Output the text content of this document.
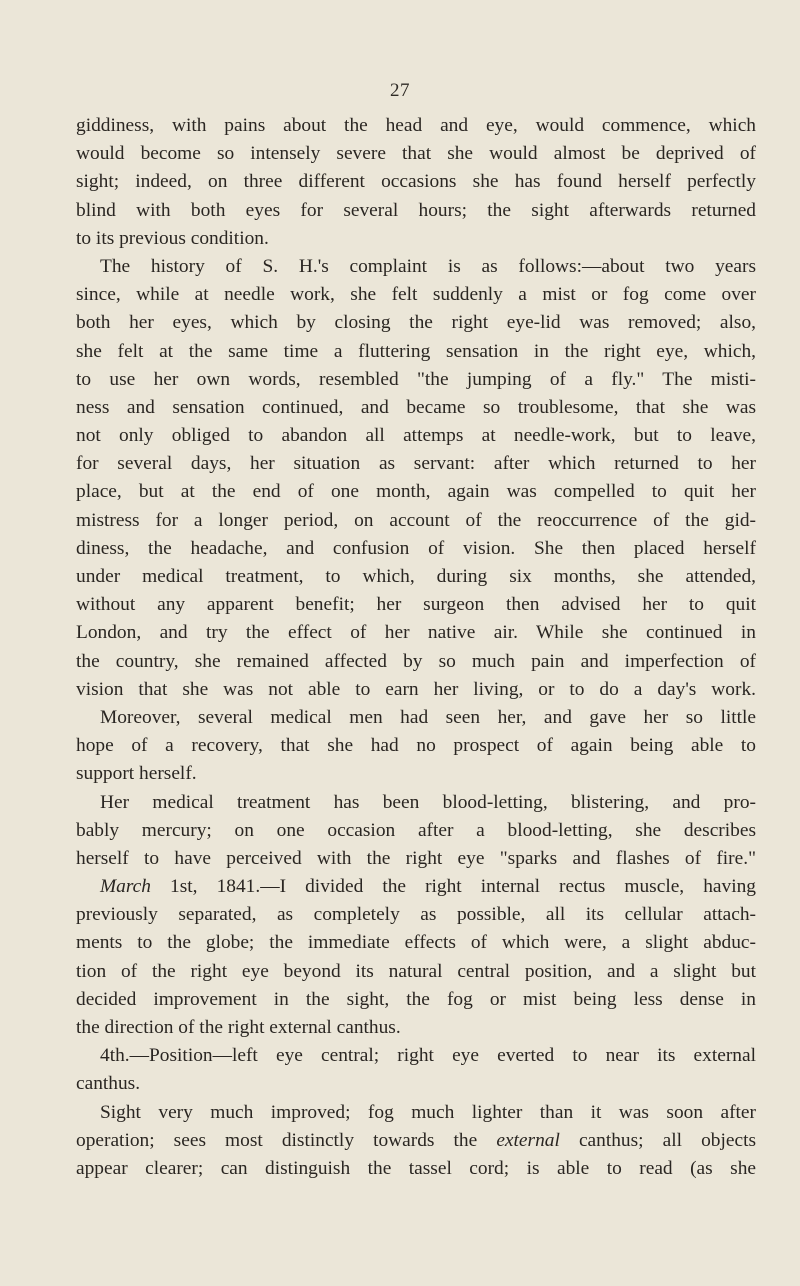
27
giddiness, with pains about the head and eye, would commence, which
would become so intensely severe that she would almost be deprived of
sight; indeed, on three different occasions she has found herself perfectly
blind with both eyes for several hours; the sight afterwards returned
to its previous condition.
The history of S. H.'s complaint is as follows:—about two years
since, while at needle work, she felt suddenly a mist or fog come over
both her eyes, which by closing the right eye-lid was removed; also,
she felt at the same time a fluttering sensation in the right eye, which,
to use her own words, resembled "the jumping of a fly." The misti-
ness and sensation continued, and became so troublesome, that she was
not only obliged to abandon all attemps at needle-work, but to leave,
for several days, her situation as servant: after which returned to her
place, but at the end of one month, again was compelled to quit her
mistress for a longer period, on account of the reoccurrence of the gid-
diness, the headache, and confusion of vision. She then placed herself
under medical treatment, to which, during six months, she attended,
without any apparent benefit; her surgeon then advised her to quit
London, and try the effect of her native air. While she continued in
the country, she remained affected by so much pain and imperfection of
vision that she was not able to earn her living, or to do a day's work.
Moreover, several medical men had seen her, and gave her so little
hope of a recovery, that she had no prospect of again being able to
support herself.
Her medical treatment has been blood-letting, blistering, and pro-
bably mercury; on one occasion after a blood-letting, she describes
herself to have perceived with the right eye "sparks and flashes of fire."
March 1st, 1841.—I divided the right internal rectus muscle, having
previously separated, as completely as possible, all its cellular attach-
ments to the globe; the immediate effects of which were, a slight abduc-
tion of the right eye beyond its natural central position, and a slight but
decided improvement in the sight, the fog or mist being less dense in
the direction of the right external canthus.
4th.—Position—left eye central; right eye everted to near its external
canthus.
Sight very much improved; fog much lighter than it was soon after
operation; sees most distinctly towards the external canthus; all objects
appear clearer; can distinguish the tassel cord; is able to read (as she
